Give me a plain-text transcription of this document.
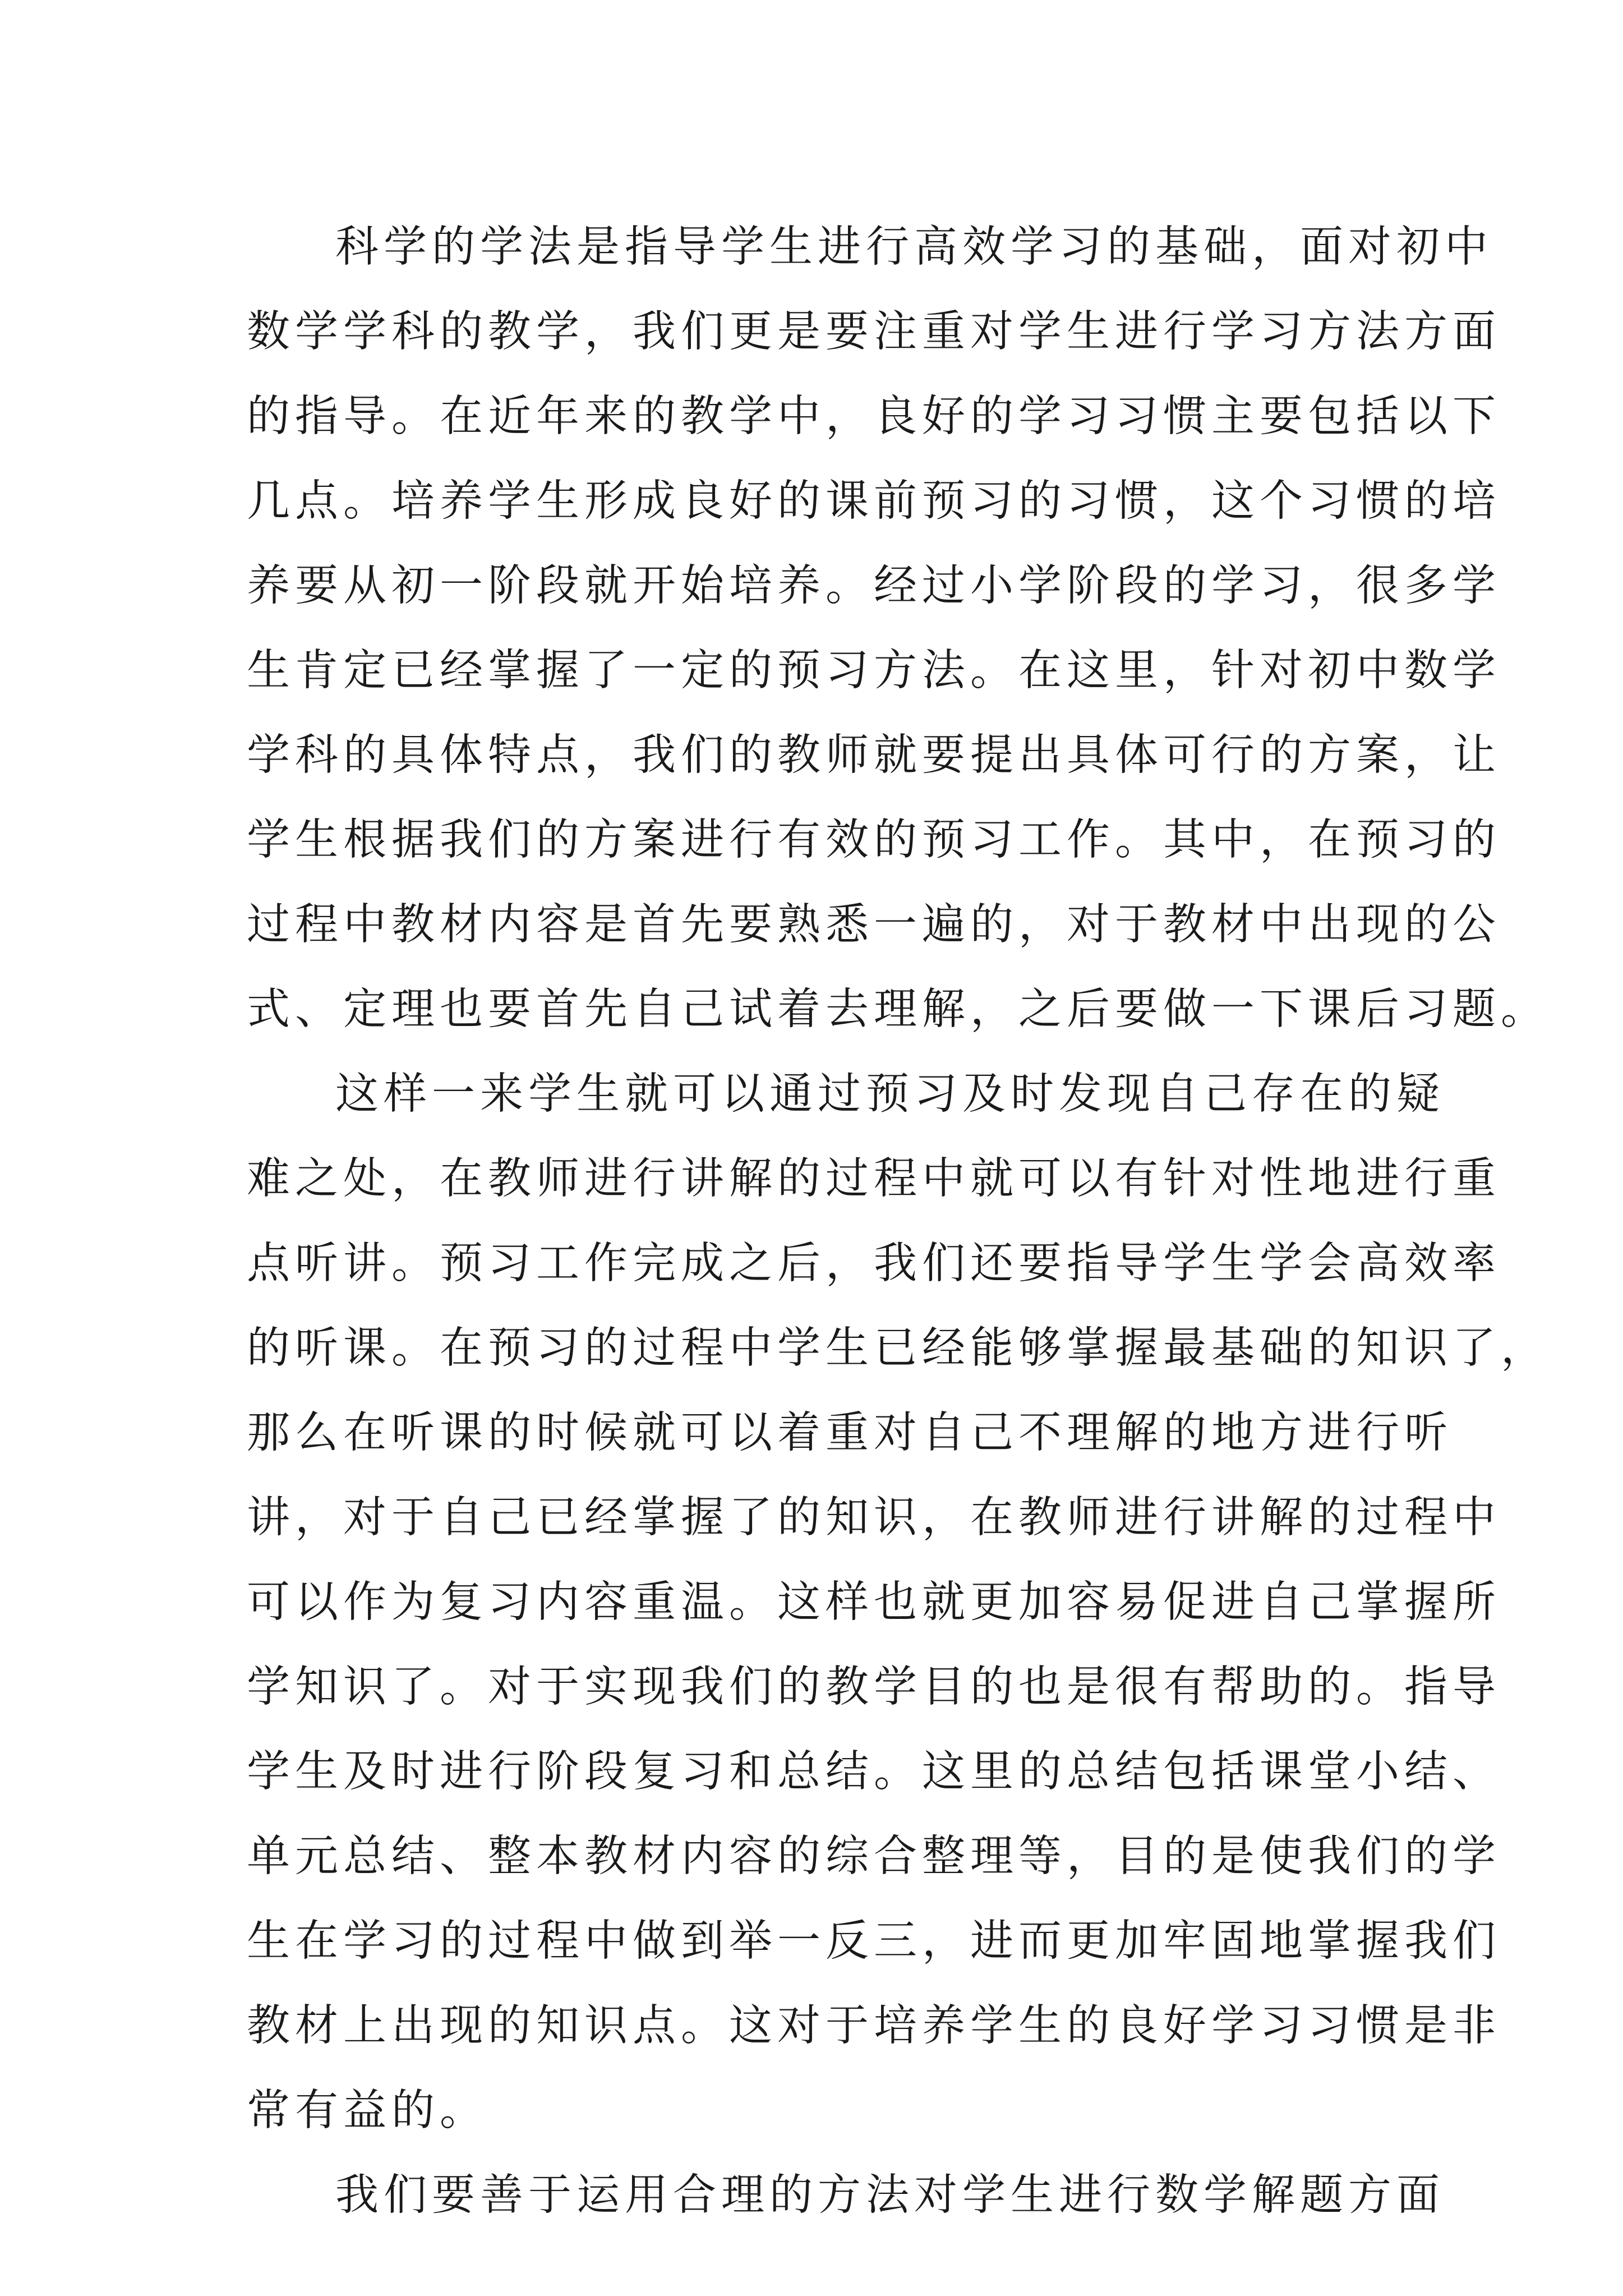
科学的学法是指导学生进行高效学习的基础，面对初中
数学学科的教学，我们更是要注重对学生进行学习方法方面
的指导。在近年来的教学中，良好的学习习惯主要包括以下
几点。培养学生形成良好的课前预习的习惯，这个习惯的培
养要从初一阶段就开始培养。经过小学阶段的学习，很多学
生肯定已经掌握了一定的预习方法。在这里，针对初中数学
学科的具体特点，我们的教师就要提出具体可行的方案，让
学生根据我们的方案进行有效的预习工作。其中，在预习的
过程中教材内容是首先要熟悉一遍的，对于教材中出现的公
式、定理也要首先自己试着去理解，之后要做一下课后习题。
这样一来学生就可以通过预习及时发现自己存在的疑
难之处，在教师进行讲解的过程中就可以有针对性地进行重
点听讲。预习工作完成之后，我们还要指导学生学会高效率
的听课。在预习的过程中学生已经能够掌握最基础的知识了，
那么在听课的时候就可以着重对自己不理解的地方进行听
讲，对于自己已经掌握了的知识，在教师进行讲解的过程中
可以作为复习内容重温。这样也就更加容易促进自己掌握所
学知识了。对于实现我们的教学目的也是很有帮助的。指导
学生及时进行阶段复习和总结。这里的总结包括课堂小结、
单元总结、整本教材内容的综合整理等，目的是使我们的学
生在学习的过程中做到举一反三，进而更加牢固地掌握我们
教材上出现的知识点。这对于培养学生的良好学习习惯是非
常有益的。
我们要善于运用合理的方法对学生进行数学解题方面
